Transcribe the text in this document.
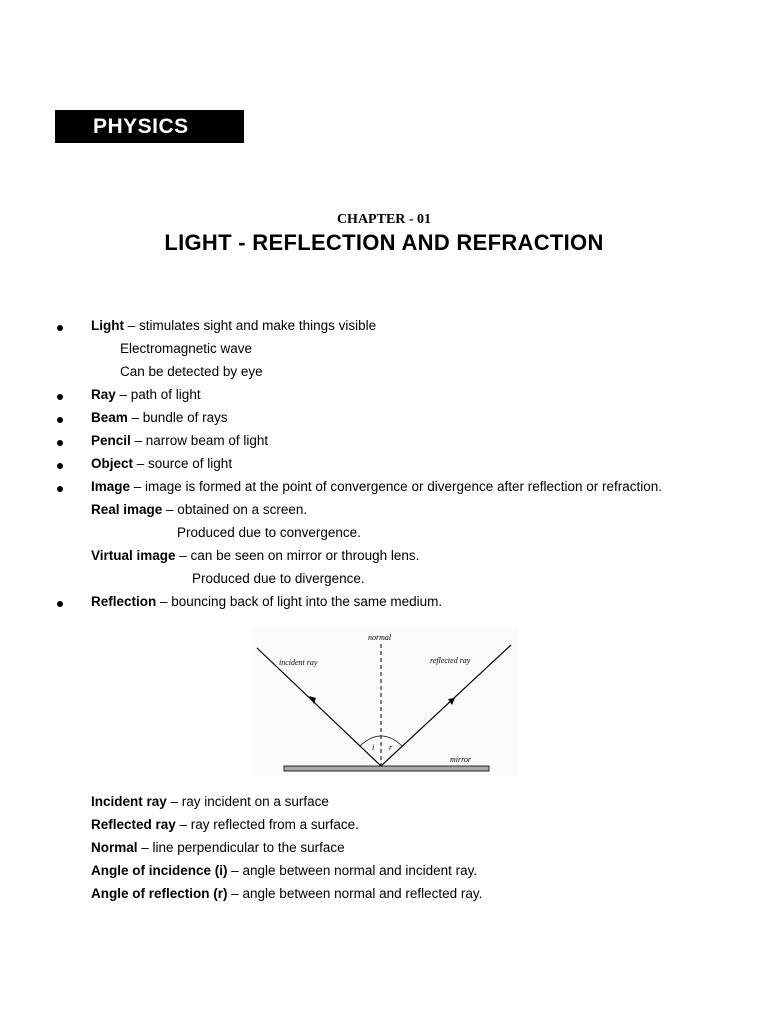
PHYSICS
CHAPTER - 01
LIGHT - REFLECTION AND REFRACTION
Light – stimulates sight and make things visible
Electromagnetic wave
Can be detected by eye
Ray – path of light
Beam – bundle of rays
Pencil – narrow beam of light
Object – source of light
Image – image is formed at the point of convergence or divergence after reflection or refraction.
Real image – obtained on a screen.
Produced due to convergence.
Virtual image – can be seen on mirror or through lens.
Produced due to divergence.
Reflection – bouncing back of light into the same medium.
normal
incident ray	reflected ray
i r
mirror
Incident ray – ray incident on a surface
Reflected ray – ray reflected from a surface.
Normal – line perpendicular to the surface
Angle of incidence (i) – angle between normal and incident ray.
Angle of reflection (r) – angle between normal and reflected ray.
